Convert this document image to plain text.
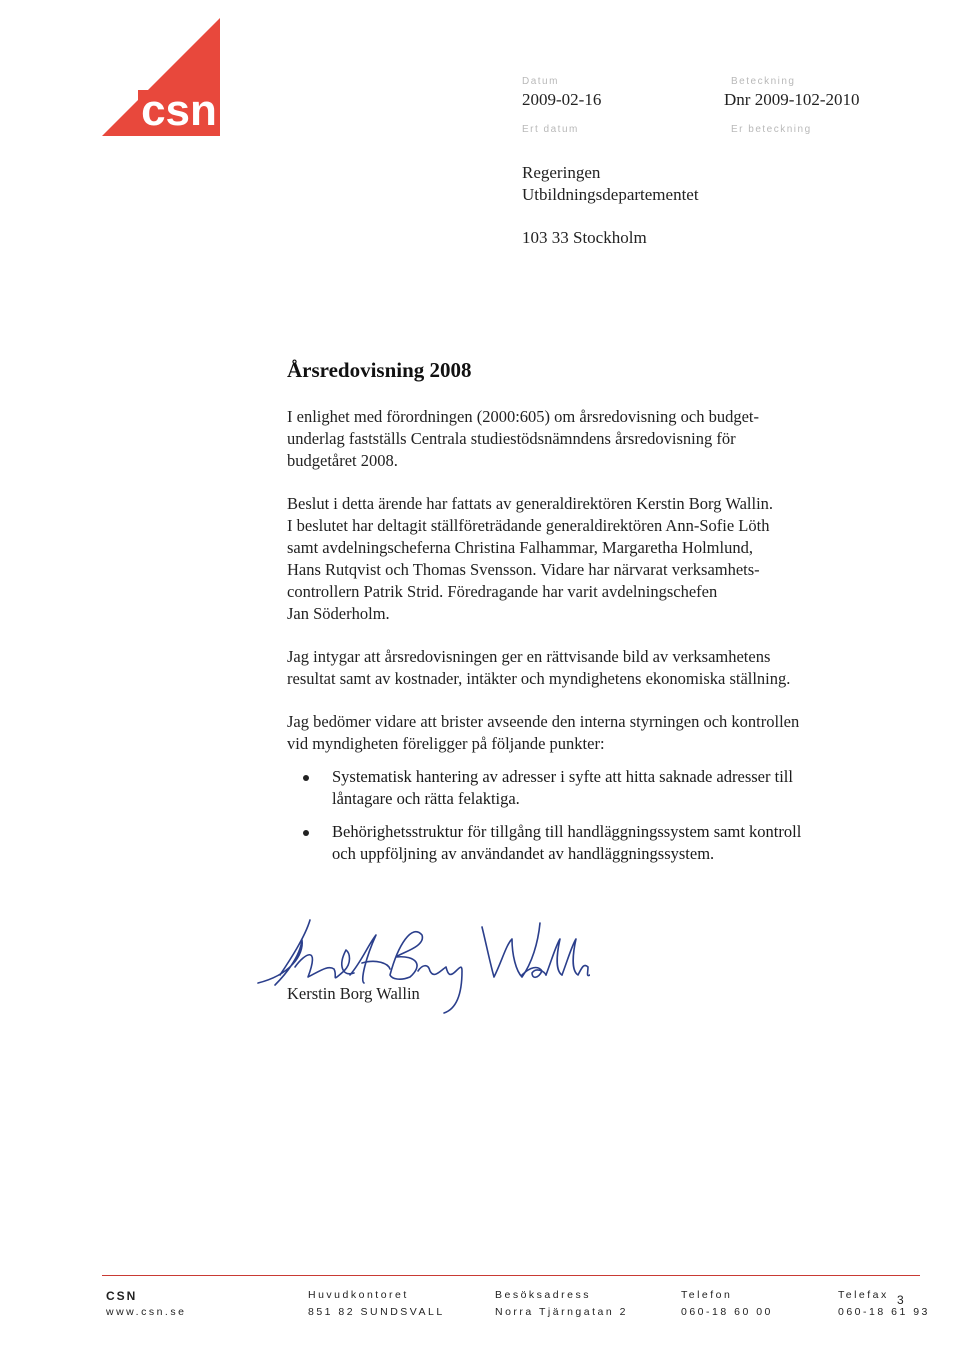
csn
Datum	Beteckning
2009-02-16	Dnr 2009-102-2010
Ert datum	Er beteckning
Regeringen
Utbildningsdepartementet
103 33 Stockholm
Årsredovisning 2008
I enlighet med förordningen (2000:605) om årsredovisning och budget-
underlag fastställs Centrala studiestödsnämndens årsredovisning för
budgetåret 2008.
Beslut i detta ärende har fattats av generaldirektören Kerstin Borg Wallin.
I beslutet har deltagit ställföreträdande generaldirektören Ann-Sofie Löth
samt avdelningscheferna Christina Falhammar, Margaretha Holmlund,
Hans Rutqvist och Thomas Svensson. Vidare har närvarat verksamhets-
controllern Patrik Strid. Föredragande har varit avdelningschefen
Jan Söderholm.
Jag intygar att årsredovisningen ger en rättvisande bild av verksamhetens
resultat samt av kostnader, intäkter och myndighetens ekonomiska ställning.
Jag bedömer vidare att brister avseende den interna styrningen och kontrollen
vid myndigheten föreligger på följande punkter:
Systematisk hantering av adresser i syfte att hitta saknade adresser till
låntagare och rätta felaktiga.
Behörighetsstruktur för tillgång till handläggningssystem samt kontroll
och uppföljning av användandet av handläggningssystem.
Kerstin Borg Wallin
CSN
www.csn.se
Huvudkontoret
851 82 SUNDSVALL
Besöksadress
Norra Tjärngatan 2
Telefon
060-18 60 00
Telefax
060-18 61 93
3
